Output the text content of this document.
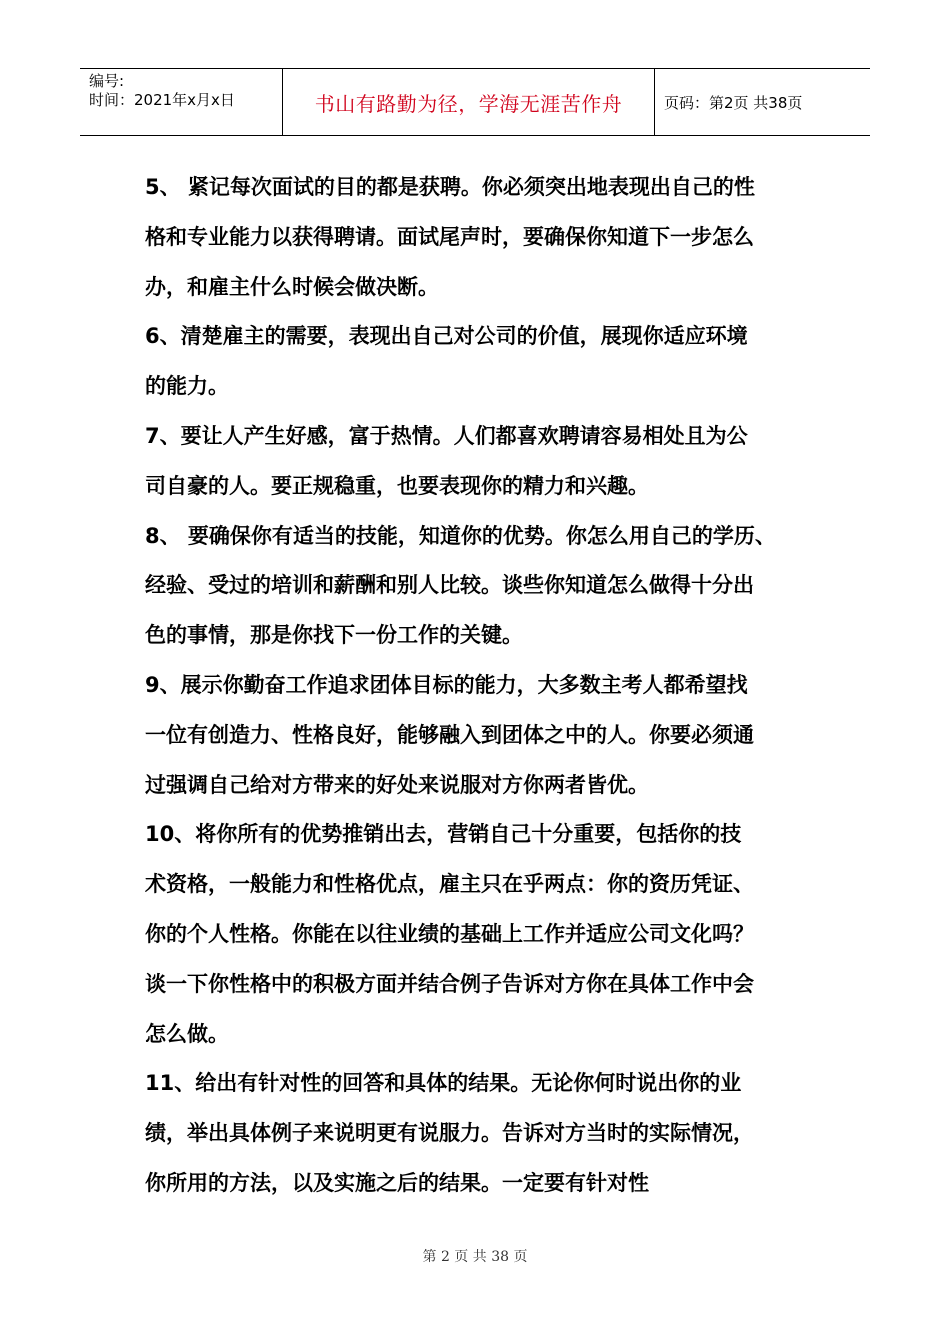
编号:
时间：2021年x月x日	书山有路勤为径，学海无涯苦作舟	页码：第2页 共38页
5、 紧记每次面试的目的都是获聘。你必须突出地表现出自己的性
格和专业能力以获得聘请。面试尾声时，要确保你知道下一步怎么
办，和雇主什么时候会做决断。
6、清楚雇主的需要，表现出自己对公司的价值，展现你适应环境
的能力。
7、要让人产生好感，富于热情。人们都喜欢聘请容易相处且为公
司自豪的人。要正规稳重，也要表现你的精力和兴趣。
8、 要确保你有适当的技能，知道你的优势。你怎么用自己的学历、
经验、受过的培训和薪酬和别人比较。谈些你知道怎么做得十分出
色的事情，那是你找下一份工作的关键。
9、展示你勤奋工作追求团体目标的能力，大多数主考人都希望找
一位有创造力、性格良好，能够融入到团体之中的人。你要必须通
过强调自己给对方带来的好处来说服对方你两者皆优。
10、将你所有的优势推销出去，营销自己十分重要，包括你的技
术资格，一般能力和性格优点，雇主只在乎两点：你的资历凭证、
你的个人性格。你能在以往业绩的基础上工作并适应公司文化吗？
谈一下你性格中的积极方面并结合例子告诉对方你在具体工作中会
怎么做。
11、给出有针对性的回答和具体的结果。无论你何时说出你的业
绩，举出具体例子来说明更有说服力。告诉对方当时的实际情况，
你所用的方法，以及实施之后的结果。一定要有针对性
第 2 页 共 38 页
